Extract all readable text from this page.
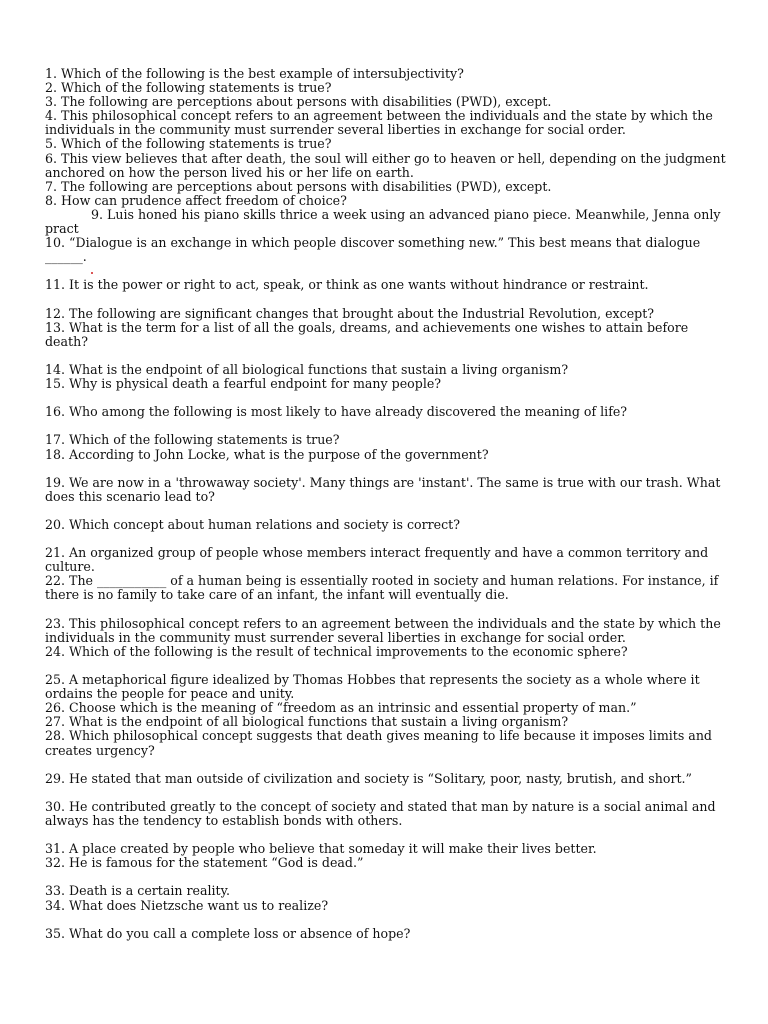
1. Which of the following is the best example of intersubjectivity?

2. Which of the following statements is true?

3. The following are perceptions about persons with disabilities (PWD), except.

4. This philosophical concept refers to an agreement between the individuals and the state by which the individuals in the community must surrender several liberties in exchange for social order.

5. Which of the following statements is true?

6. This view believes that after death, the soul will either go to heaven or hell, depending on the judgment anchored on how the person lived his or her life on earth.

7.The following are perceptions about persons with disabilities (PWD), except.

8. How can prudence affect freedom of choice?

9. Luis honed his piano skills thrice a week using an advanced piano piece. Meanwhile, Jenna only pract

10. “Dialogue is an exchange in which people discover something new.” This best means that dialogue ______.

11. It is the power or right to act, speak, or think as one wants without hindrance or restraint.

12. The following are significant changes that brought about the Industrial Revolution, except?

13. What is the term for a list of all the goals, dreams, and achievements one wishes to attain before death?

14. What is the endpoint of all biological functions that sustain a living organism?

15. Why is physical death a fearful endpoint for many people?

16. Who among the following is most likely to have already discovered the meaning of life?

17. Which of the following statements is true?

18. According to John Locke, what is the purpose of the government?

19. We are now in a 'throwaway society'. Many things are 'instant'. The same is true with our trash. What does this scenario lead to?

20. Which concept about human relations and society is correct?

21. An organized group of people whose members interact frequently and have a common territory and culture.

22. The ___________ of a human being is essentially rooted in society and human relations. For instance, if there is no family to take care of an infant, the infant will eventually die.

23. This philosophical concept refers to an agreement between the individuals and the state by which the individuals in the community must surrender several liberties in exchange for social order.

24. Which of the following is the result of technical improvements to the economic sphere?

25. A metaphorical figure idealized by Thomas Hobbes that represents the society as a whole where it ordains the people for peace and unity.

26. Choose which is the meaning of “freedom as an intrinsic and essential property of man.”

27. What is the endpoint of all biological functions that sustain a living organism?

28. Which philosophical concept suggests that death gives meaning to life because it imposes limits and creates urgency?

29. He stated that man outside of civilization and society is “Solitary, poor, nasty, brutish, and short.”

30. He contributed greatly to the concept of society and stated that man by nature is a social animal and always has the tendency to establish bonds with others.

31. A place created by people who believe that someday it will make their lives better.

32. He is famous for the statement “God is dead.”

33. Death is a certain reality.

34. What does Nietzsche want us to realize?

35. What do you call a complete loss or absence of hope?
